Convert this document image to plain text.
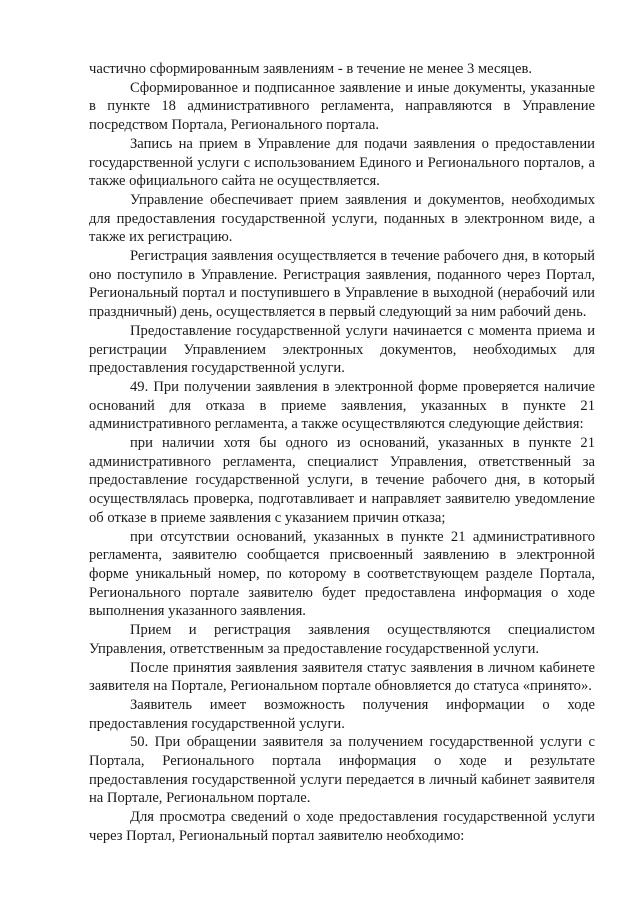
частично сформированным заявлениям - в течение не менее 3 месяцев.

Сформированное и подписанное заявление и иные документы, указанные в пункте 18 административного регламента, направляются в Управление посредством Портала, Регионального портала.

Запись на прием в Управление для подачи заявления о предоставлении государственной услуги с использованием Единого и Регионального порталов, а также официального сайта не осуществляется.

Управление обеспечивает прием заявления и документов, необходимых для предоставления государственной услуги, поданных в электронном виде, а также их регистрацию.

Регистрация заявления осуществляется в течение рабочего дня, в который оно поступило в Управление. Регистрация заявления, поданного через Портал, Региональный портал и поступившего в Управление в выходной (нерабочий или праздничный) день, осуществляется в первый следующий за ним рабочий день.

Предоставление государственной услуги начинается с момента приема и регистрации Управлением электронных документов, необходимых для предоставления государственной услуги.

49. При получении заявления в электронной форме проверяется наличие оснований для отказа в приеме заявления, указанных в пункте 21 административного регламента, а также осуществляются следующие действия:

при наличии хотя бы одного из оснований, указанных в пункте 21 административного регламента, специалист Управления, ответственный за предоставление государственной услуги, в течение рабочего дня, в который осуществлялась проверка, подготавливает и направляет заявителю уведомление об отказе в приеме заявления с указанием причин отказа;

при отсутствии оснований, указанных в пункте 21 административного регламента, заявителю сообщается присвоенный заявлению в электронной форме уникальный номер, по которому в соответствующем разделе Портала, Регионального портале заявителю будет предоставлена информация о ходе выполнения указанного заявления.

Прием и регистрация заявления осуществляются специалистом Управления, ответственным за предоставление государственной услуги.

После принятия заявления заявителя статус заявления в личном кабинете заявителя на Портале, Региональном портале обновляется до статуса «принято».

Заявитель имеет возможность получения информации о ходе предоставления государственной услуги.

50. При обращении заявителя за получением государственной услуги с Портала, Регионального портала информация о ходе и результате предоставления государственной услуги передается в личный кабинет заявителя на Портале, Региональном портале.

Для просмотра сведений о ходе предоставления государственной услуги через Портал, Региональный портал заявителю необходимо:
